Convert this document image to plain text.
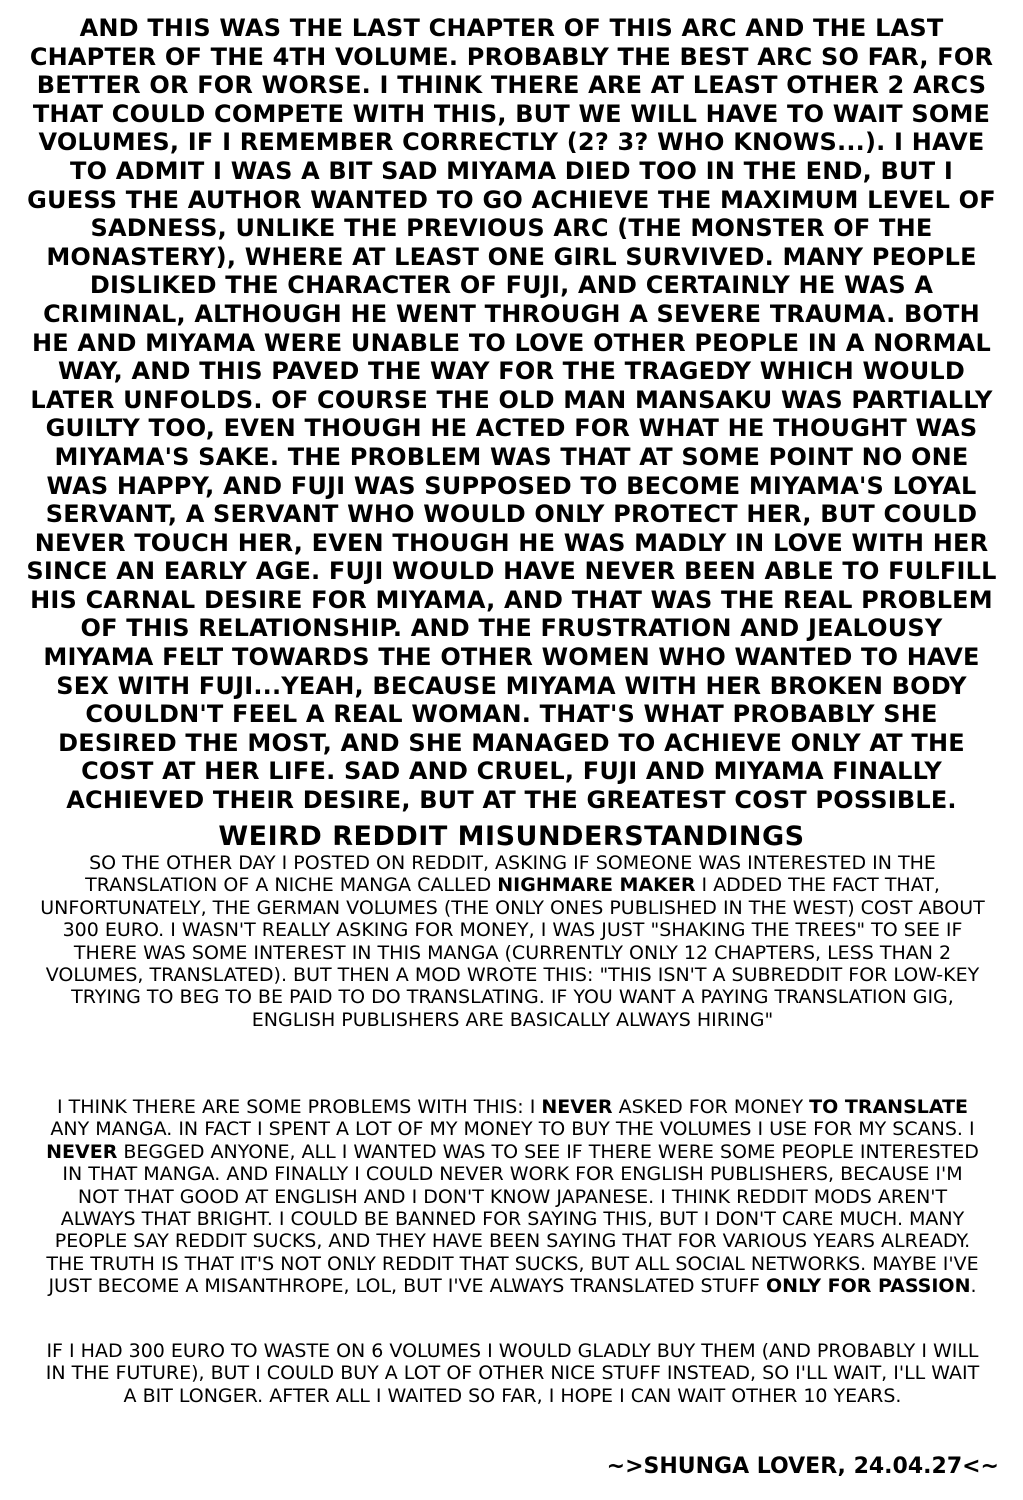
AND THIS WAS THE LAST CHAPTER OF THIS ARC AND THE LAST CHAPTER OF THE 4TH VOLUME. PROBABLY THE BEST ARC SO FAR, FOR BETTER OR FOR WORSE. I THINK THERE ARE AT LEAST OTHER 2 ARCS THAT COULD COMPETE WITH THIS, BUT WE WILL HAVE TO WAIT SOME VOLUMES, IF I REMEMBER CORRECTLY (2? 3? WHO KNOWS...). I HAVE TO ADMIT I WAS A BIT SAD MIYAMA DIED TOO IN THE END, BUT I GUESS THE AUTHOR WANTED TO GO ACHIEVE THE MAXIMUM LEVEL OF SADNESS, UNLIKE THE PREVIOUS ARC (THE MONSTER OF THE MONASTERY), WHERE AT LEAST ONE GIRL SURVIVED. MANY PEOPLE DISLIKED THE CHARACTER OF FUJI, AND CERTAINLY HE WAS A CRIMINAL, ALTHOUGH HE WENT THROUGH A SEVERE TRAUMA. BOTH HE AND MIYAMA WERE UNABLE TO LOVE OTHER PEOPLE IN A NORMAL WAY, AND THIS PAVED THE WAY FOR THE TRAGEDY WHICH WOULD LATER UNFOLDS. OF COURSE THE OLD MAN MANSAKU WAS PARTIALLY GUILTY TOO, EVEN THOUGH HE ACTED FOR WHAT HE THOUGHT WAS MIYAMA'S SAKE. THE PROBLEM WAS THAT AT SOME POINT NO ONE WAS HAPPY, AND FUJI WAS SUPPOSED TO BECOME MIYAMA'S LOYAL SERVANT, A SERVANT WHO WOULD ONLY PROTECT HER, BUT COULD NEVER TOUCH HER, EVEN THOUGH HE WAS MADLY IN LOVE WITH HER SINCE AN EARLY AGE. FUJI WOULD HAVE NEVER BEEN ABLE TO FULFILL HIS CARNAL DESIRE FOR MIYAMA, AND THAT WAS THE REAL PROBLEM OF THIS RELATIONSHIP. AND THE FRUSTRATION AND JEALOUSY MIYAMA FELT TOWARDS THE OTHER WOMEN WHO WANTED TO HAVE SEX WITH FUJI...YEAH, BECAUSE MIYAMA WITH HER BROKEN BODY COULDN'T FEEL A REAL WOMAN. THAT'S WHAT PROBABLY SHE DESIRED THE MOST, AND SHE MANAGED TO ACHIEVE ONLY AT THE COST AT HER LIFE. SAD AND CRUEL, FUJI AND MIYAMA FINALLY ACHIEVED THEIR DESIRE, BUT AT THE GREATEST COST POSSIBLE.

WEIRD REDDIT MISUNDERSTANDINGS

SO THE OTHER DAY I POSTED ON REDDIT, ASKING IF SOMEONE WAS INTERESTED IN THE TRANSLATION OF A NICHE MANGA CALLED NIGHMARE MAKER I ADDED THE FACT THAT, UNFORTUNATELY, THE GERMAN VOLUMES (THE ONLY ONES PUBLISHED IN THE WEST) COST ABOUT 300 EURO. I WASN'T REALLY ASKING FOR MONEY, I WAS JUST "SHAKING THE TREES" TO SEE IF THERE WAS SOME INTEREST IN THIS MANGA (CURRENTLY ONLY 12 CHAPTERS, LESS THAN 2 VOLUMES, TRANSLATED). BUT THEN A MOD WROTE THIS: "THIS ISN'T A SUBREDDIT FOR LOW-KEY TRYING TO BEG TO BE PAID TO DO TRANSLATING. IF YOU WANT A PAYING TRANSLATION GIG, ENGLISH PUBLISHERS ARE BASICALLY ALWAYS HIRING"

I THINK THERE ARE SOME PROBLEMS WITH THIS: I NEVER ASKED FOR MONEY TO TRANSLATE ANY MANGA. IN FACT I SPENT A LOT OF MY MONEY TO BUY THE VOLUMES I USE FOR MY SCANS. I NEVER BEGGED ANYONE, ALL I WANTED WAS TO SEE IF THERE WERE SOME PEOPLE INTERESTED IN THAT MANGA. AND FINALLY I COULD NEVER WORK FOR ENGLISH PUBLISHERS, BECAUSE I'M NOT THAT GOOD AT ENGLISH AND I DON'T KNOW JAPANESE. I THINK REDDIT MODS AREN'T ALWAYS THAT BRIGHT. I COULD BE BANNED FOR SAYING THIS, BUT I DON'T CARE MUCH. MANY PEOPLE SAY REDDIT SUCKS, AND THEY HAVE BEEN SAYING THAT FOR VARIOUS YEARS ALREADY. THE TRUTH IS THAT IT'S NOT ONLY REDDIT THAT SUCKS, BUT ALL SOCIAL NETWORKS. MAYBE I'VE JUST BECOME A MISANTHROPE, LOL, BUT I'VE ALWAYS TRANSLATED STUFF ONLY FOR PASSION.

IF I HAD 300 EURO TO WASTE ON 6 VOLUMES I WOULD GLADLY BUY THEM (AND PROBABLY I WILL IN THE FUTURE), BUT I COULD BUY A LOT OF OTHER NICE STUFF INSTEAD, SO I'LL WAIT, I'LL WAIT A BIT LONGER. AFTER ALL I WAITED SO FAR, I HOPE I CAN WAIT OTHER 10 YEARS.

~>SHUNGA LOVER, 24.04.27<~
